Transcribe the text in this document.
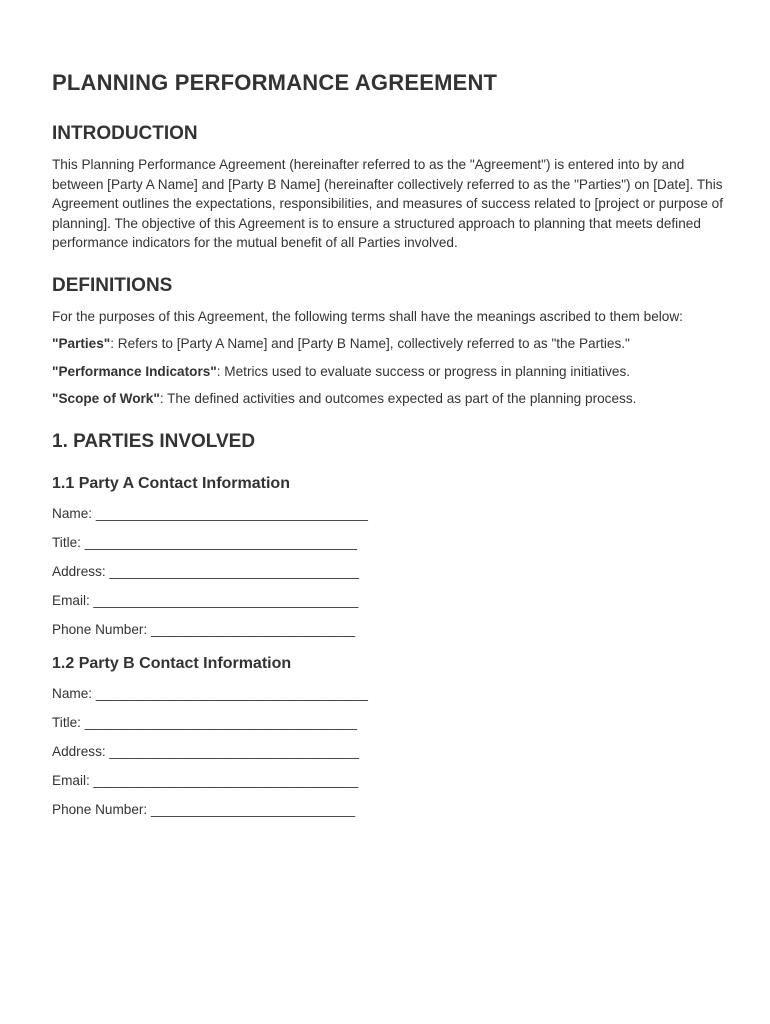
PLANNING PERFORMANCE AGREEMENT
INTRODUCTION

This Planning Performance Agreement (hereinafter referred to as the "Agreement") is entered into by and between [Party A Name] and [Party B Name] (hereinafter collectively referred to as the "Parties") on [Date]. This Agreement outlines the expectations, responsibilities, and measures of success related to [project or purpose of planning]. The objective of this Agreement is to ensure a structured approach to planning that meets defined performance indicators for the mutual benefit of all Parties involved.

DEFINITIONS

For the purposes of this Agreement, the following terms shall have the meanings ascribed to them below:

"Parties": Refers to [Party A Name] and [Party B Name], collectively referred to as "the Parties."

"Performance Indicators": Metrics used to evaluate success or progress in planning initiatives.

"Scope of Work": The defined activities and outcomes expected as part of the planning process.

1. PARTIES INVOLVED
1.1 Party A Contact Information
Name: ____________________________________
Title: ____________________________________
Address: _________________________________
Email: ___________________________________
Phone Number: ___________________________
1.2 Party B Contact Information
Name: ____________________________________
Title: ____________________________________
Address: _________________________________
Email: ___________________________________
Phone Number: ___________________________
